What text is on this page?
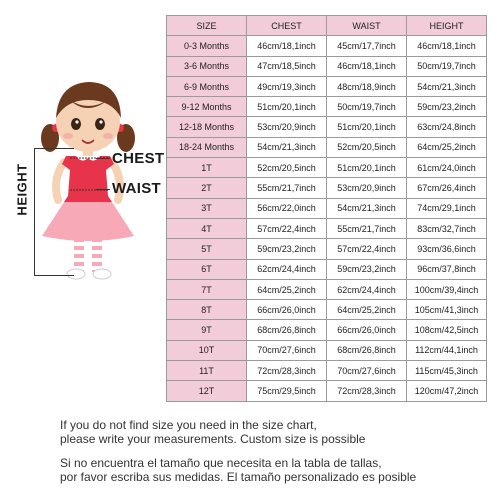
HEIGHT
CHEST
WAIST
SIZE	CHEST	WAIST	HEIGHT
0-3 Months	46cm/18,1inch	45cm/17,7inch	46cm/18,1inch
3-6 Months	47cm/18,5inch	46cm/18,1inch	50cm/19,7inch
6-9 Months	49cm/19,3inch	48cm/18,9inch	54cm/21,3inch
9-12 Months	51cm/20,1inch	50cm/19,7inch	59cm/23,2inch
12-18 Months	53cm/20,9inch	51cm/20,1inch	63cm/24,8inch
18-24 Months	54cm/21,3inch	52cm/20,5inch	64cm/25,2inch
1T	52cm/20,5inch	51cm/20,1inch	61cm/24,0inch
2T	55cm/21,7inch	53cm/20,9inch	67cm/26,4inch
3T	56cm/22,0inch	54cm/21,3inch	74cm/29,1inch
4T	57cm/22,4inch	55cm/21,7inch	83cm/32,7inch
5T	59cm/23,2inch	57cm/22,4inch	93cm/36,6inch
6T	62cm/24,4inch	59cm/23,2inch	96cm/37,8inch
7T	64cm/25,2inch	62cm/24,4inch	100cm/39,4inch
8T	66cm/26,0inch	64cm/25,2inch	105cm/41,3inch
9T	68cm/26,8inch	66cm/26,0inch	108cm/42,5inch
10T	70cm/27,6inch	68cm/26,8inch	112cm/44,1inch
11T	72cm/28,3inch	70cm/27,6inch	115cm/45,3inch
12T	75cm/29,5inch	72cm/28,3inch	120cm/47,2inch

If you do not find size you need in the size chart,

please write your measurements. Custom size is possible

Si no encuentra el tamaño que necesita en la tabla de tallas,

por favor escriba sus medidas. El tamaño personalizado es posible
